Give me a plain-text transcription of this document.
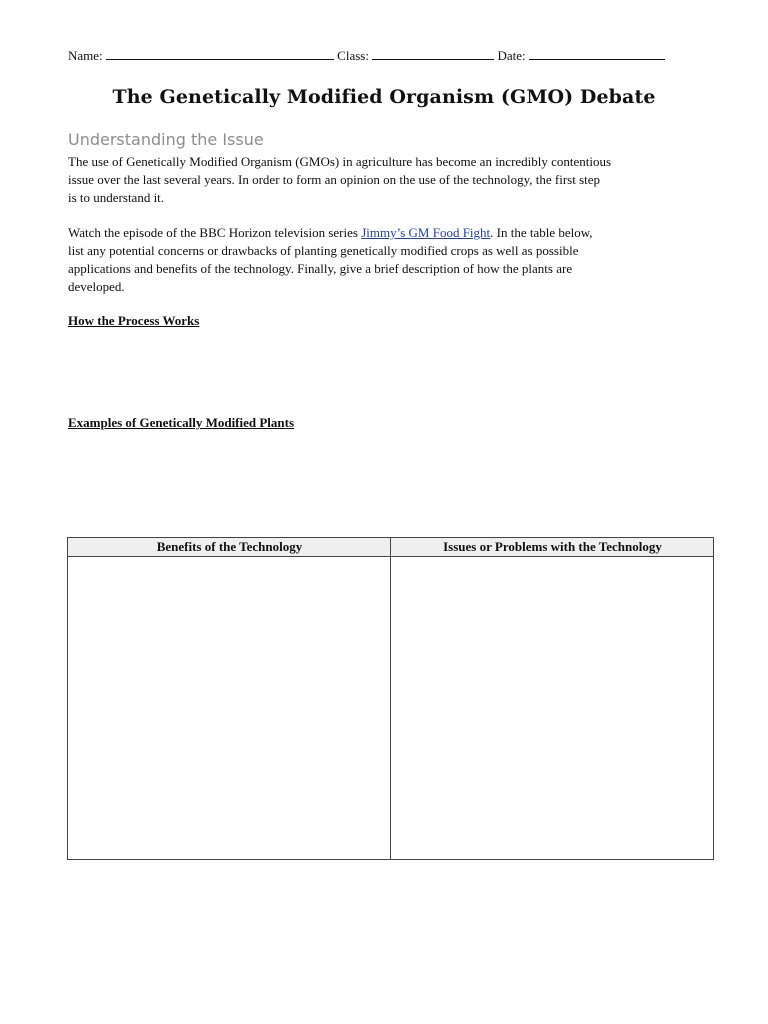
Name:	Class:	Date:
The Genetically Modified Organism (GMO) Debate
Understanding the Issue

The use of Genetically Modified Organism (GMOs) in agriculture has become an incredibly contentious
issue over the last several years. In order to form an opinion on the use of the technology, the first step
is to understand it.

Watch the episode of the BBC Horizon television series Jimmy’s GM Food Fight. In the table below,
list any potential concerns or drawbacks of planting genetically modified crops as well as possible
applications and benefits of the technology. Finally, give a brief description of how the plants are
developed.

How the Process Works
Examples of Genetically Modified Plants
Benefits of the Technology	Issues or Problems with the Technology
